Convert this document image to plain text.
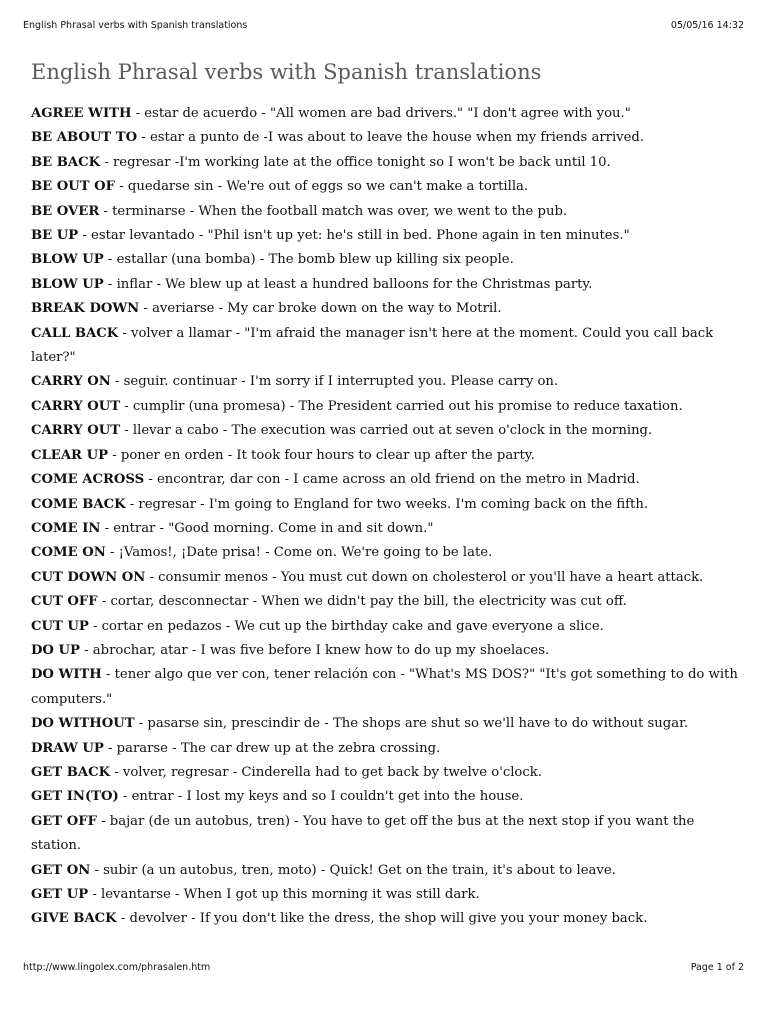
English Phrasal verbs with Spanish translations	05/05/16 14:32
English Phrasal verbs with Spanish translations
AGREE WITH - estar de acuerdo - "All women are bad drivers." "I don't agree with you."
BE ABOUT TO - estar a punto de -I was about to leave the house when my friends arrived.
BE BACK - regresar -I'm working late at the office tonight so I won't be back until 10.
BE OUT OF - quedarse sin - We're out of eggs so we can't make a tortilla.
BE OVER - terminarse - When the football match was over, we went to the pub.
BE UP - estar levantado - "Phil isn't up yet: he's still in bed. Phone again in ten minutes."
BLOW UP - estallar (una bomba) - The bomb blew up killing six people.
BLOW UP - inflar - We blew up at least a hundred balloons for the Christmas party.
BREAK DOWN - averiarse - My car broke down on the way to Motril.
CALL BACK - volver a llamar - "I'm afraid the manager isn't here at the moment. Could you call back later?"
CARRY ON - seguir. continuar - I'm sorry if I interrupted you. Please carry on.
CARRY OUT - cumplir (una promesa) - The President carried out his promise to reduce taxation.
CARRY OUT - llevar a cabo - The execution was carried out at seven o'clock in the morning.
CLEAR UP - poner en orden - It took four hours to clear up after the party.
COME ACROSS - encontrar, dar con - I came across an old friend on the metro in Madrid.
COME BACK - regresar - I'm going to England for two weeks. I'm coming back on the fifth.
COME IN - entrar - "Good morning. Come in and sit down."
COME ON - ¡Vamos!, ¡Date prisa! - Come on. We're going to be late.
CUT DOWN ON - consumir menos - You must cut down on cholesterol or you'll have a heart attack.
CUT OFF - cortar, desconnectar - When we didn't pay the bill, the electricity was cut off.
CUT UP - cortar en pedazos - We cut up the birthday cake and gave everyone a slice.
DO UP - abrochar, atar - I was five before I knew how to do up my shoelaces.
DO WITH - tener algo que ver con, tener relación con - "What's MS DOS?" "It's got something to do with computers."
DO WITHOUT - pasarse sin, prescindir de - The shops are shut so we'll have to do without sugar.
DRAW UP - pararse - The car drew up at the zebra crossing.
GET BACK - volver, regresar - Cinderella had to get back by twelve o'clock.
GET IN(TO) - entrar - I lost my keys and so I couldn't get into the house.
GET OFF - bajar (de un autobus, tren) - You have to get off the bus at the next stop if you want the station.
GET ON - subir (a un autobus, tren, moto) - Quick! Get on the train, it's about to leave.
GET UP - levantarse - When I got up this morning it was still dark.
GIVE BACK - devolver - If you don't like the dress, the shop will give you your money back.
http://www.lingolex.com/phrasalen.htm	Page 1 of 2
